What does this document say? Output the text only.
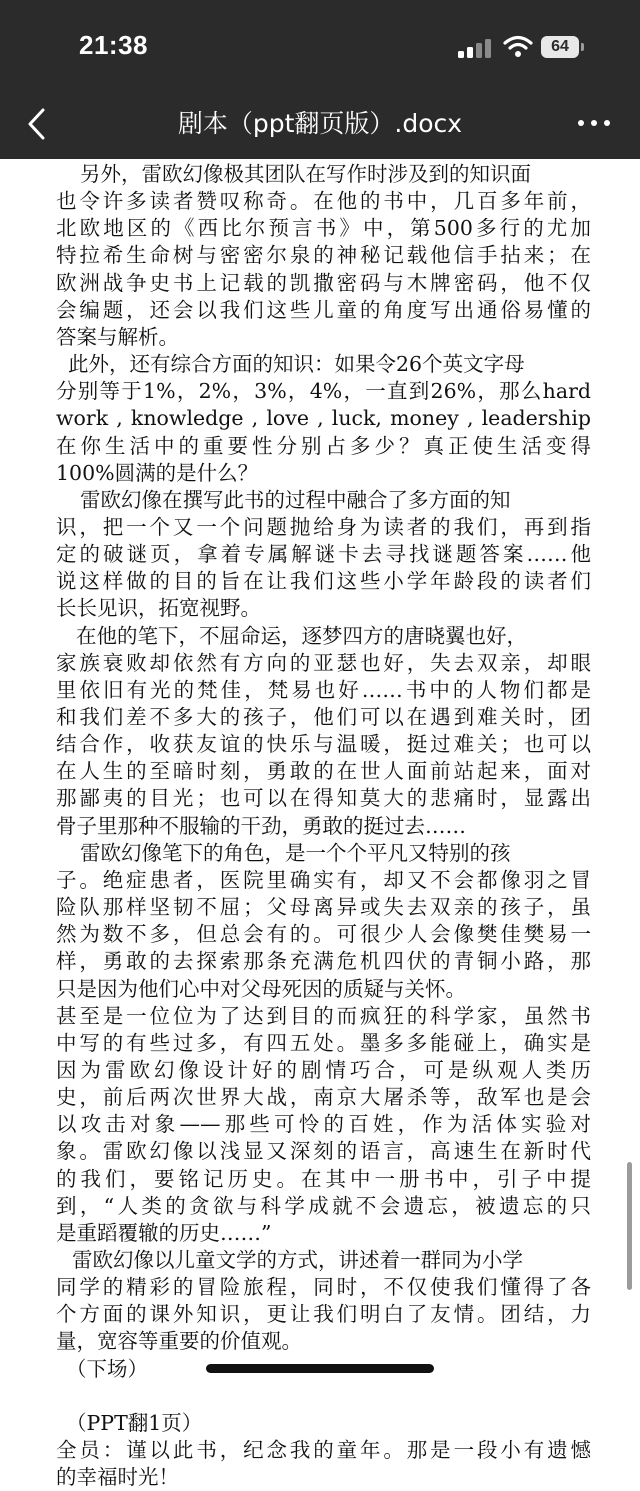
21:38	64
剧本（ppt翻页版）.docx
另外，雷欧幻像极其团队在写作时涉及到的知识面
也令许多读者赞叹称奇。在他的书中，几百多年前，
北欧地区的《西比尔预言书》中，第500多行的尤加
特拉希生命树与密密尔泉的神秘记载他信手拈来；在
欧洲战争史书上记载的凯撒密码与木牌密码，他不仅
会编题，还会以我们这些儿童的角度写出通俗易懂的
答案与解析。
此外，还有综合方面的知识：如果令26个英文字母
分别等于1%，2%，3%，4%，一直到26%，那么hard
work , knowledge , love , luck, money , leadership
在你生活中的重要性分别占多少？真正使生活变得
100%圆满的是什么？
雷欧幻像在撰写此书的过程中融合了多方面的知
识，把一个又一个问题抛给身为读者的我们，再到指
定的破谜页，拿着专属解谜卡去寻找谜题答案……他
说这样做的目的旨在让我们这些小学年龄段的读者们
长长见识，拓宽视野。
在他的笔下，不屈命运，逐梦四方的唐晓翼也好，
家族衰败却依然有方向的亚瑟也好，失去双亲，却眼
里依旧有光的梵佳，梵易也好……书中的人物们都是
和我们差不多大的孩子，他们可以在遇到难关时，团
结合作，收获友谊的快乐与温暖，挺过难关；也可以
在人生的至暗时刻，勇敢的在世人面前站起来，面对
那鄙夷的目光；也可以在得知莫大的悲痛时，显露出
骨子里那种不服输的干劲，勇敢的挺过去……
雷欧幻像笔下的角色，是一个个平凡又特别的孩
子。绝症患者，医院里确实有，却又不会都像羽之冒
险队那样坚韧不屈；父母离异或失去双亲的孩子，虽
然为数不多，但总会有的。可很少人会像樊佳樊易一
样，勇敢的去探索那条充满危机四伏的青铜小路，那
只是因为他们心中对父母死因的质疑与关怀。
甚至是一位位为了达到目的而疯狂的科学家，虽然书
中写的有些过多，有四五处。墨多多能碰上，确实是
因为雷欧幻像设计好的剧情巧合，可是纵观人类历
史，前后两次世界大战，南京大屠杀等，敌军也是会
以攻击对象——那些可怜的百姓，作为活体实验对
象。雷欧幻像以浅显又深刻的语言，高速生在新时代
的我们，要铭记历史。在其中一册书中，引子中提
到，“人类的贪欲与科学成就不会遗忘，被遗忘的只
是重蹈覆辙的历史……”
雷欧幻像以儿童文学的方式，讲述着一群同为小学
同学的精彩的冒险旅程，同时，不仅使我们懂得了各
个方面的课外知识，更让我们明白了友情。团结，力
量，宽容等重要的价值观。
（下场）
（PPT翻1页）
全员：谨以此书，纪念我的童年。那是一段小有遗憾
的幸福时光！
